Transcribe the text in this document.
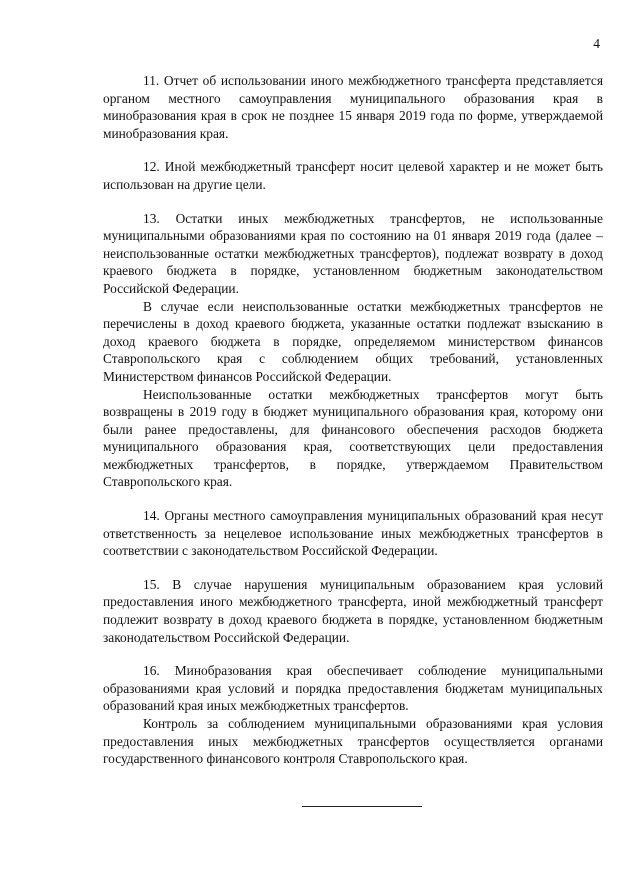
4

11. Отчет об использовании иного межбюджетного трансферта представляется органом местного самоуправления муниципального образования края в минобразования края в срок не позднее 15 января 2019 года по форме, утверждаемой минобразования края.

12. Иной межбюджетный трансферт носит целевой характер и не может быть использован на другие цели.

13. Остатки иных межбюджетных трансфертов, не использованные муниципальными образованиями края по состоянию на 01 января 2019 года (далее – неиспользованные остатки межбюджетных трансфертов), подлежат возврату в доход краевого бюджета в порядке, установленном бюджетным законодательством Российской Федерации.

В случае если неиспользованные остатки межбюджетных трансфертов не перечислены в доход краевого бюджета, указанные остатки подлежат взысканию в доход краевого бюджета в порядке, определяемом министерством финансов Ставропольского края с соблюдением общих требований, установленных Министерством финансов Российской Федерации.

Неиспользованные остатки межбюджетных трансфертов могут быть возвращены в 2019 году в бюджет муниципального образования края, которому они были ранее предоставлены, для финансового обеспечения расходов бюджета муниципального образования края, соответствующих цели предоставления межбюджетных трансфертов, в порядке, утверждаемом Правительством Ставропольского края.

14. Органы местного самоуправления муниципальных образований края несут ответственность за нецелевое использование иных межбюджетных трансфертов в соответствии с законодательством Российской Федерации.

15. В случае нарушения муниципальным образованием края условий предоставления иного межбюджетного трансферта, иной межбюджетный трансферт подлежит возврату в доход краевого бюджета в порядке, установленном бюджетным законодательством Российской Федерации.

16. Минобразования края обеспечивает соблюдение муниципальными образованиями края условий и порядка предоставления бюджетам муниципальных образований края иных межбюджетных трансфертов.

Контроль за соблюдением муниципальными образованиями края условия предоставления иных межбюджетных трансфертов осуществляется органами государственного финансового контроля Ставропольского края.
